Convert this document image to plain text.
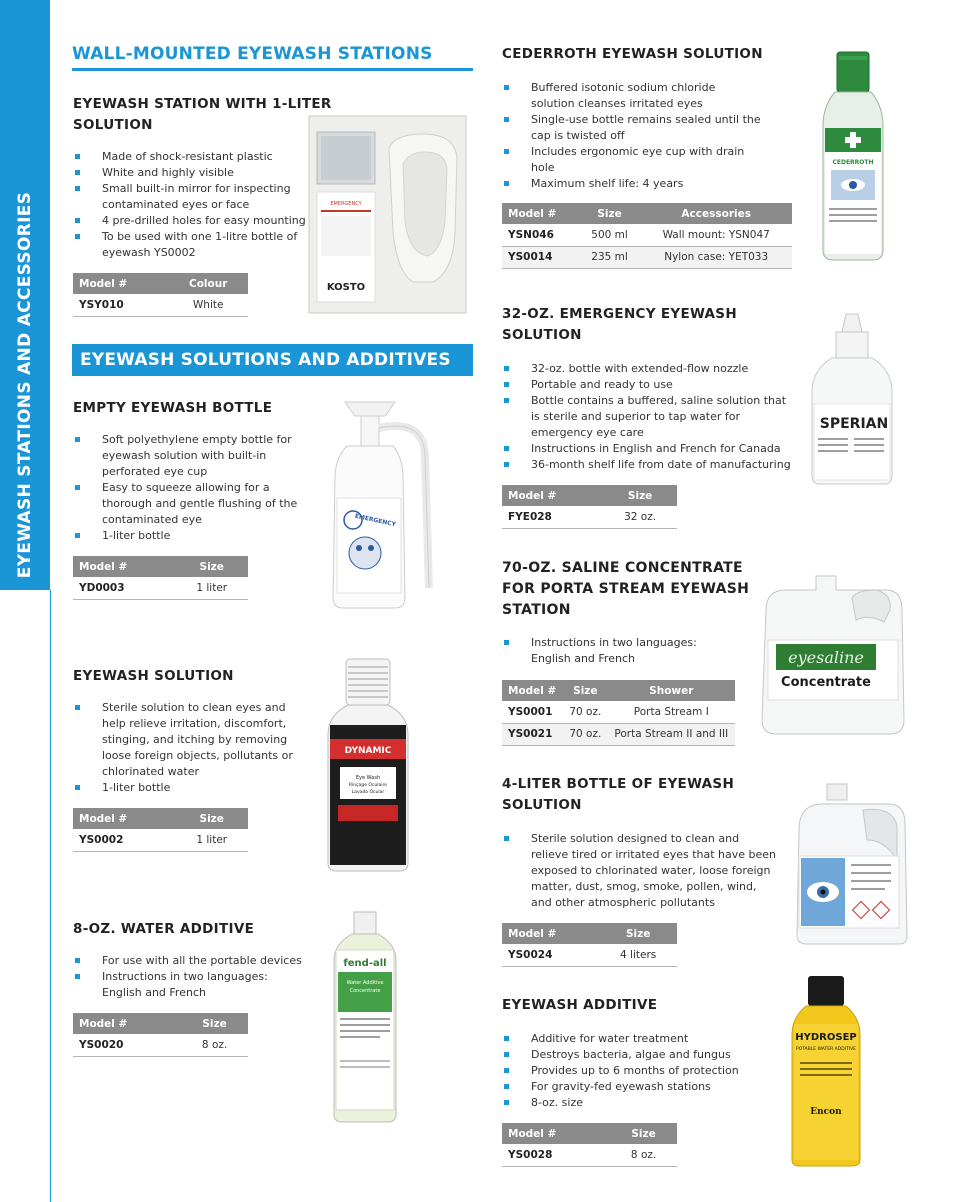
EYEWASH STATIONS AND ACCESSORIES
WALL-MOUNTED EYEWASH STATIONS
EYEWASH SOLUTIONS AND ADDITIVES
EYEWASH STATION WITH 1-LITER SOLUTION
Made of shock-resistant plastic
White and highly visible
Small built-in mirror for inspecting contaminated eyes or face
4 pre-drilled holes for easy mounting
To be used with one 1-litre bottle of eyewash YS0002
Model #	Colour
YSY010	White
EMPTY EYEWASH BOTTLE
Soft polyethylene empty bottle for eyewash solution with built-in perforated eye cup
Easy to squeeze allowing for a thorough and gentle flushing of the contaminated eye
1-liter bottle
Model #	Size
YD0003	1 liter
EYEWASH SOLUTION
Sterile solution to clean eyes and help relieve irritation, discomfort, stinging, and itching by removing loose foreign objects, pollutants or chlorinated water
1-liter bottle
Model #	Size
YS0002	1 liter
8-OZ. WATER ADDITIVE
For use with all the portable devices
Instructions in two languages: English and French
Model #	Size
YS0020	8 oz.
CEDERROTH EYEWASH SOLUTION
Buffered isotonic sodium chloride solution cleanses irritated eyes
Single-use bottle remains sealed until the cap is twisted off
Includes ergonomic eye cup with drain hole
Maximum shelf life: 4 years
Model #	Size	Accessories
YSN046	500 ml	Wall mount: YSN047
YS0014	235 ml	Nylon case: YET033
32-OZ. EMERGENCY EYEWASH SOLUTION
32-oz. bottle with extended-flow nozzle
Portable and ready to use
Bottle contains a buffered, saline solution that is sterile and superior to tap water for emergency eye care
Instructions in English and French for Canada
36-month shelf life from date of manufacturing
Model #	Size
FYE028	32 oz.
70-OZ. SALINE CONCENTRATE FOR PORTA STREAM EYEWASH STATION
Instructions in two languages: English and French
Model #	Size	Shower
YS0001	70 oz.	Porta Stream I
YS0021	70 oz.	Porta Stream II and III
4-LITER BOTTLE OF EYEWASH SOLUTION
Sterile solution designed to clean and relieve tired or irritated eyes that have been exposed to chlorinated water, loose foreign matter, dust, smog, smoke, pollen, wind, and other atmospheric pollutants
Model #	Size
YS0024	4 liters
EYEWASH ADDITIVE
Additive for water treatment
Destroys bacteria, algae and fungus
Provides up to 6 months of protection
For gravity-fed eyewash stations
8-oz. size
Model #	Size
YS0028	8 oz.
EMERGENCY
KOSTO
EMERGENCY
DYNAMIC
Eye Wash
Rinçage Oculaire
Lavado Ocular
fend-all
Water Additive
Concentrate
CEDERROTH
SPERIAN
eyesaline
Concentrate
HYDROSEP
POTABLE WATER ADDITIVE
Encon
